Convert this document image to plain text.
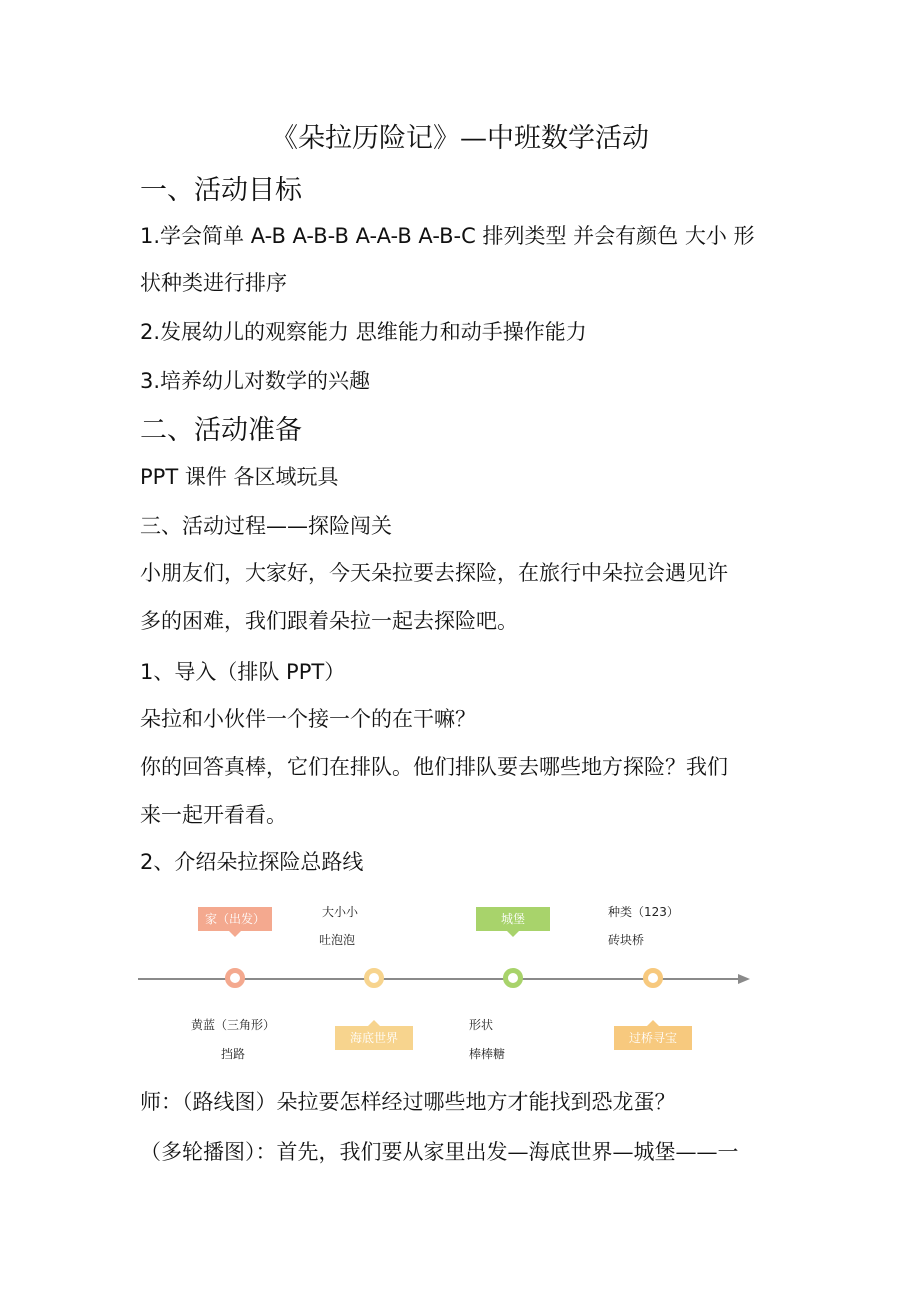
《朵拉历险记》—中班数学活动
一、活动目标
1.学会简单 A-B A-B-B A-A-B A-B-C 排列类型 并会有颜色 大小 形
状种类进行排序
2.发展幼儿的观察能力 思维能力和动手操作能力
3.培养幼儿对数学的兴趣
二、活动准备
PPT 课件 各区域玩具
三、活动过程——探险闯关
小朋友们，大家好，今天朵拉要去探险，在旅行中朵拉会遇见许
多的困难，我们跟着朵拉一起去探险吧。
1、导入（排队 PPT）
朵拉和小伙伴一个接一个的在干嘛？
你的回答真棒，它们在排队。他们排队要去哪些地方探险？我们
来一起开看看。
2、介绍朵拉探险总路线
家（出发）	大小小
吐泡泡
城堡	种类（123）
砖块桥
黄蓝（三角形）
挡路
海底世界
形状
棒棒糖
过桥寻宝
师：（路线图）朵拉要怎样经过哪些地方才能找到恐龙蛋？
（多轮播图）：首先，我们要从家里出发—海底世界—城堡——一
